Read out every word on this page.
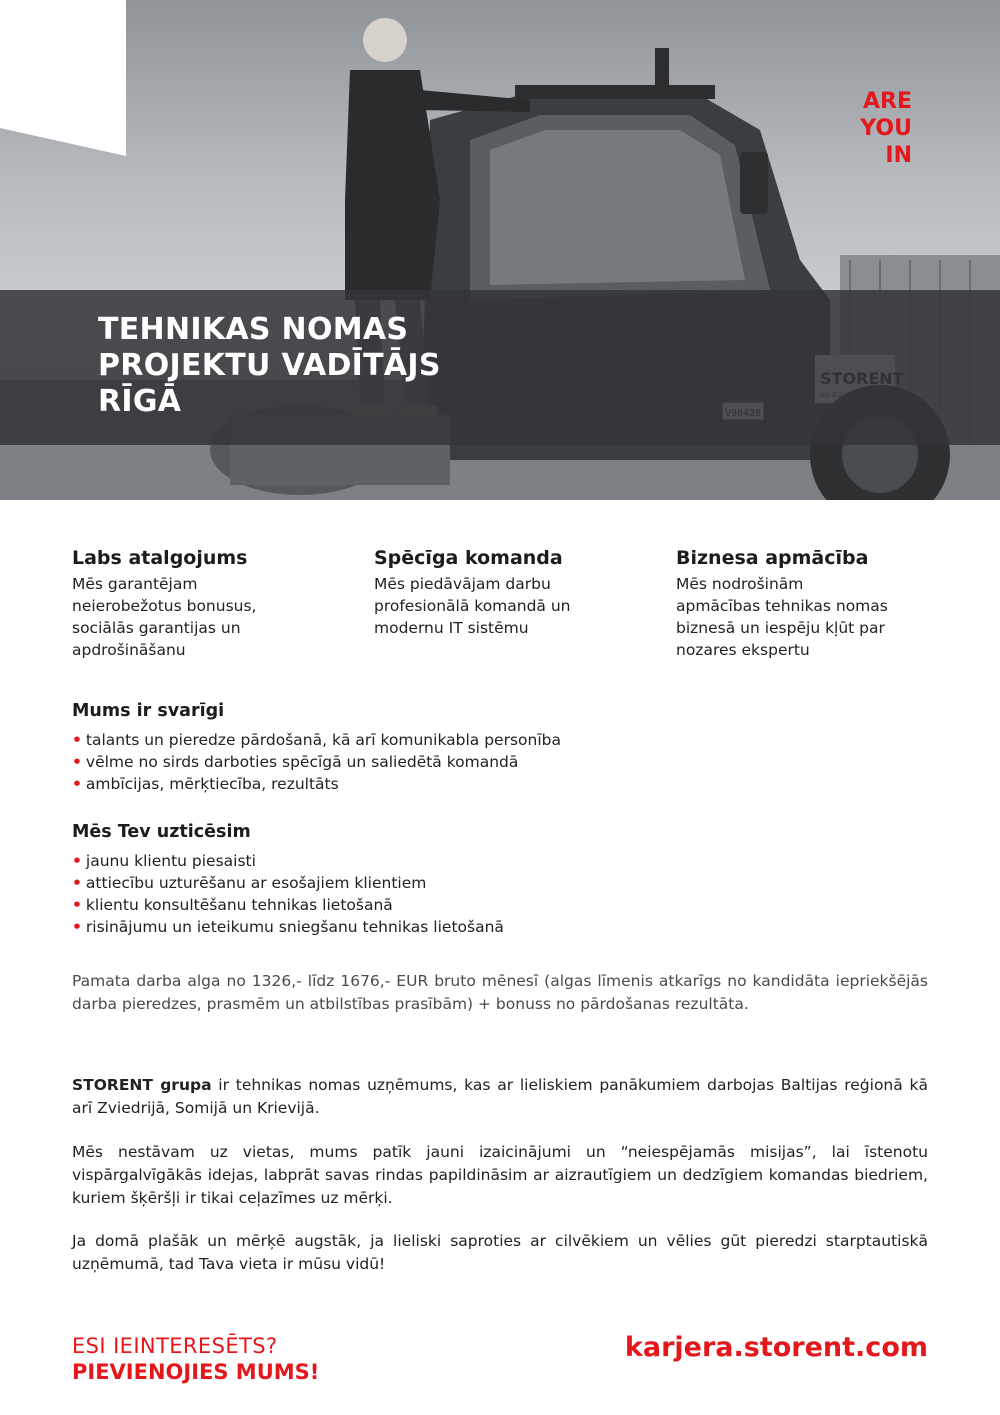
TEHNIKAS NOMAS
PROJEKTU VADĪTĀJS
RĪGĀ
ARE
YOU
IN
Labs atalgojums

Mēs garantējam
neierobežotus bonusus,
sociālās garantijas un
apdrošināšanu

Spēcīga komanda

Mēs piedāvājam darbu
profesionālā komandā un
modernu IT sistēmu

Biznesa apmācība

Mēs nodrošinām
apmācības tehnikas nomas
biznesā un iespēju kļūt par
nozares ekspertu

Mums ir svarīgi
• talants un pieredze pārdošanā, kā arī komunikabla personība
• vēlme no sirds darboties spēcīgā un saliedētā komandā
• ambīcijas, mērķtiecība, rezultāts
Mēs Tev uzticēsim
• jaunu klientu piesaisti
• attiecību uzturēšanu ar esošajiem klientiem
• klientu konsultēšanu tehnikas lietošanā
• risinājumu un ieteikumu sniegšanu tehnikas lietošanā
Pamata darba alga no 1326,- līdz 1676,- EUR bruto mēnesī (algas līmenis atkarīgs no kandidāta iepriekšējās darba pieredzes, prasmēm un atbilstības prasībām) + bonuss no pārdošanas rezultāta.
STORENT grupa ir tehnikas nomas uzņēmums, kas ar lieliskiem panākumiem darbojas Baltijas reģionā kā arī Zviedrijā, Somijā un Krievijā.
Mēs nestāvam uz vietas, mums patīk jauni izaicinājumi un “neiespējamās misijas”, lai īstenotu vispārgalvīgākās idejas, labprāt savas rindas papildināsim ar aizrautīgiem un dedzīgiem komandas biedriem, kuriem šķēršļi ir tikai ceļazīmes uz mērķi.
Ja domā plašāk un mērķē augstāk, ja lieliski saproties ar cilvēkiem un vēlies gūt pieredzi starptautiskā uzņēmumā, tad Tava vieta ir mūsu vidū!
ESI IEINTERESĒTS?
PIEVIENOJIES MUMS!
karjera.storent.com
